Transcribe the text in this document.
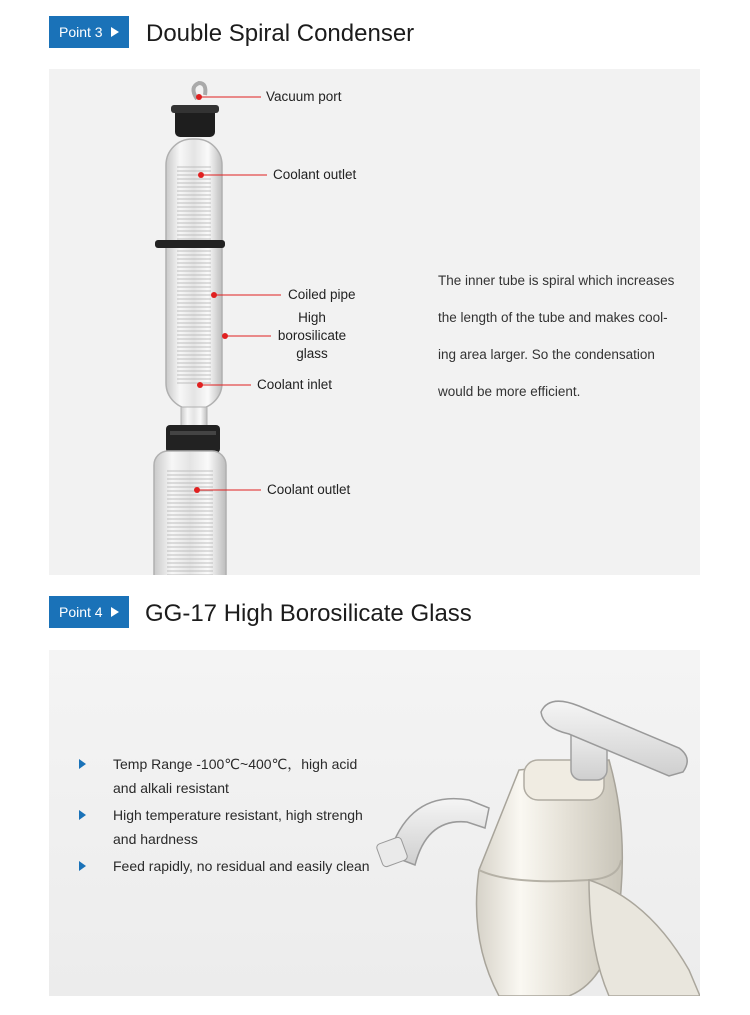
Point 3	Double Spiral Condenser
Vacuum port
Coolant outlet
Coiled pipe
High borosilicate glass
Coolant inlet
Coolant outlet
The inner tube is spiral which increases
the length of the tube and makes cool-
ing area larger. So the condensation
would be more efficient.
Point 4	GG-17 High Borosilicate Glass
Temp Range -100℃~400℃，high acid and alkali resistant
High temperature resistant, high strengh and hardness
Feed rapidly, no residual and easily clean
